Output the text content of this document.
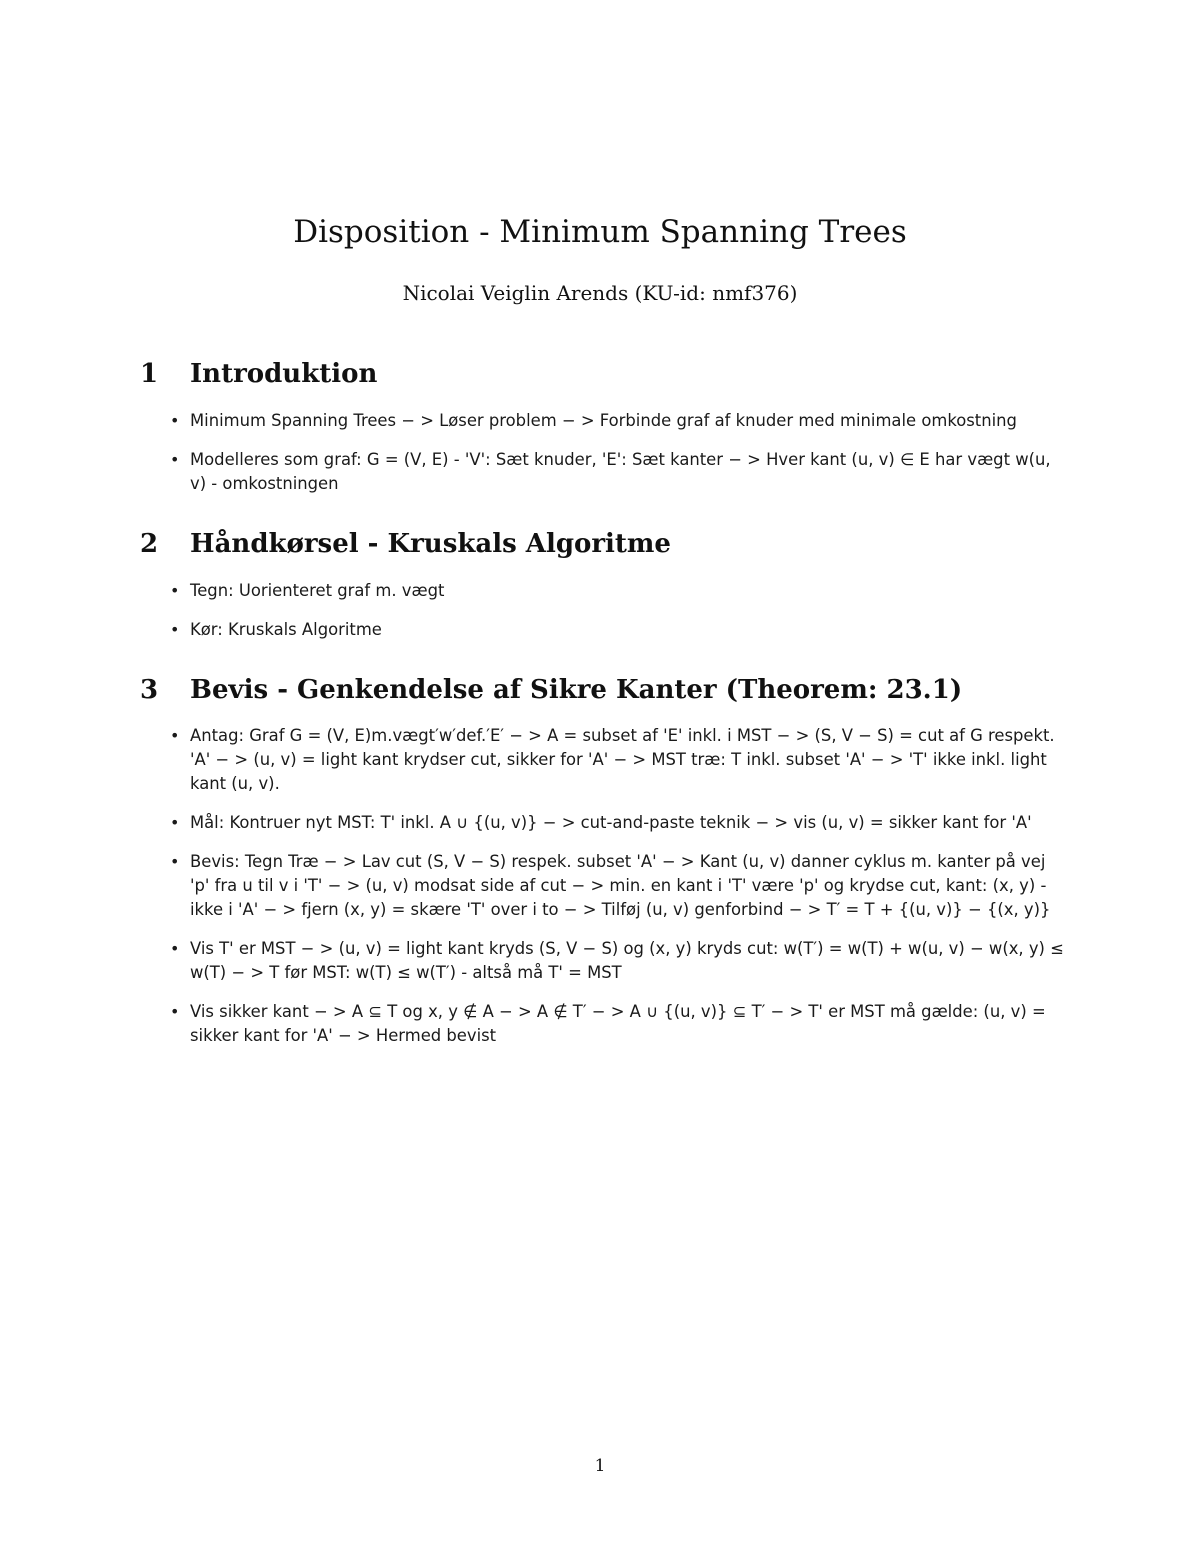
Disposition - Minimum Spanning Trees
Nicolai Veiglin Arends (KU-id: nmf376)
1	Introduktion
• Minimum Spanning Trees − > Løser problem − > Forbinde graf af knuder med minimale omkostning
• Modelleres som graf: G = (V, E) - 'V': Sæt knuder, 'E': Sæt kanter − > Hver kant (u, v) ∈ E har vægt w(u, v) - omkostningen
2	Håndkørsel - Kruskals Algoritme
• Tegn: Uorienteret graf m. vægt
• Kør: Kruskals Algoritme
3	Bevis - Genkendelse af Sikre Kanter (Theorem: 23.1)
• Antag: Graf G = (V, E)m.vægt′w′def.′E′ − > A = subset af 'E' inkl. i MST − > (S, V − S) = cut af G respekt. 'A' − > (u, v) = light kant krydser cut, sikker for 'A' − > MST træ: T inkl. subset 'A' − > 'T' ikke inkl. light kant (u, v).
• Mål: Kontruer nyt MST: T' inkl. A ∪ {(u, v)} − > cut-and-paste teknik − > vis (u, v) = sikker kant for 'A'
• Bevis: Tegn Træ − > Lav cut (S, V − S) respek. subset 'A' − > Kant (u, v) danner cyklus m. kanter på vej 'p' fra u til v i 'T' − > (u, v) modsat side af cut − > min. en kant i 'T' være 'p' og krydse cut, kant: (x, y) - ikke i 'A' − > fjern (x, y) = skære 'T' over i to − > Tilføj (u, v) genforbind − > T′ = T + {(u, v)} − {(x, y)}
• Vis T' er MST − > (u, v) = light kant kryds (S, V − S) og (x, y) kryds cut: w(T′) = w(T) + w(u, v) − w(x, y) ≤ w(T) − > T før MST: w(T) ≤ w(T′) - altså må T' = MST
• Vis sikker kant − > A ⊆ T og x, y ∉ A − > A ∉ T′ − > A ∪ {(u, v)} ⊆ T′ − > T' er MST må gælde: (u, v) = sikker kant for 'A' − > Hermed bevist
1
